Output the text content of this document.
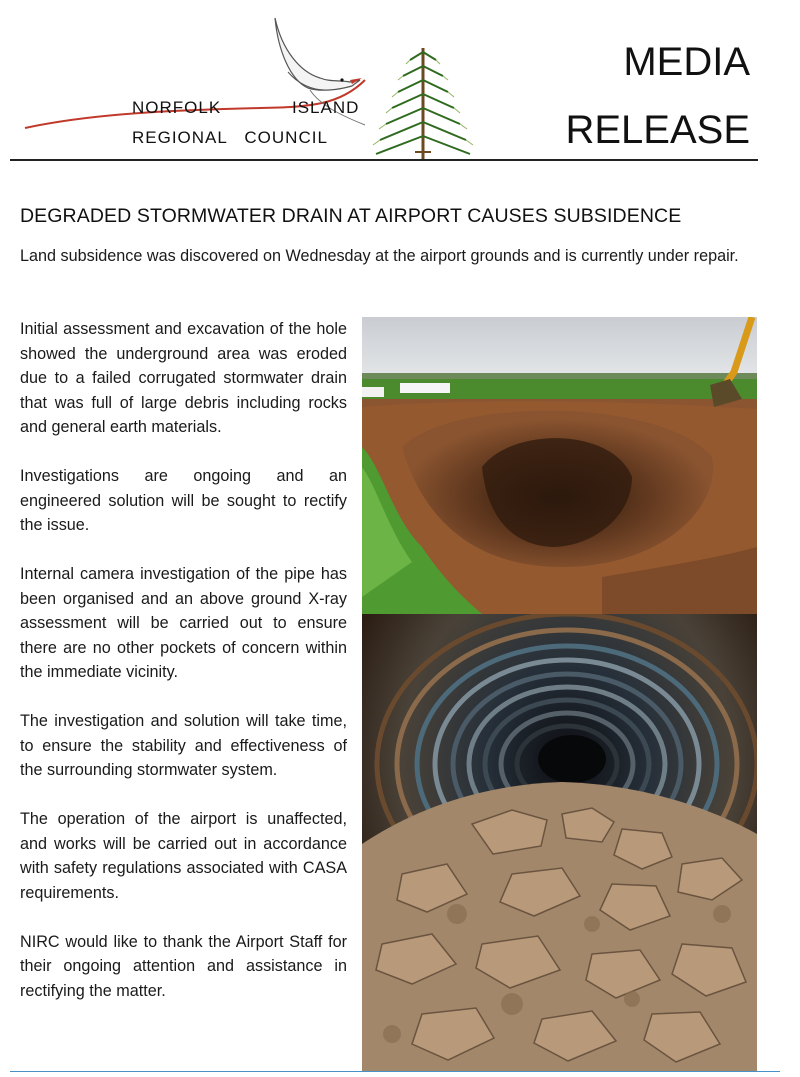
NORFOLK	ISLAND
REGIONAL   COUNCIL
MEDIA
RELEASE
DEGRADED STORMWATER DRAIN AT AIRPORT CAUSES SUBSIDENCE
Land subsidence was discovered on Wednesday at the airport grounds and is currently under repair.

Initial assessment and excavation of the hole showed the underground area was eroded due to a failed corrugated stormwater drain that was full of large debris including rocks and general earth materials.

Investigations are ongoing and an engineered solution will be sought to rectify the issue.

Internal camera investigation of the pipe has been organised and an above ground X-ray assessment will be carried out to ensure there are no other pockets of concern within the immediate vicinity.

The investigation and solution will take time, to ensure the stability and effectiveness of the surrounding stormwater system.

The operation of the airport is unaffected, and works will be carried out in accordance with safety regulations associated with CASA requirements.

NIRC would like to thank the Airport Staff for their ongoing attention and assistance in rectifying the matter.
